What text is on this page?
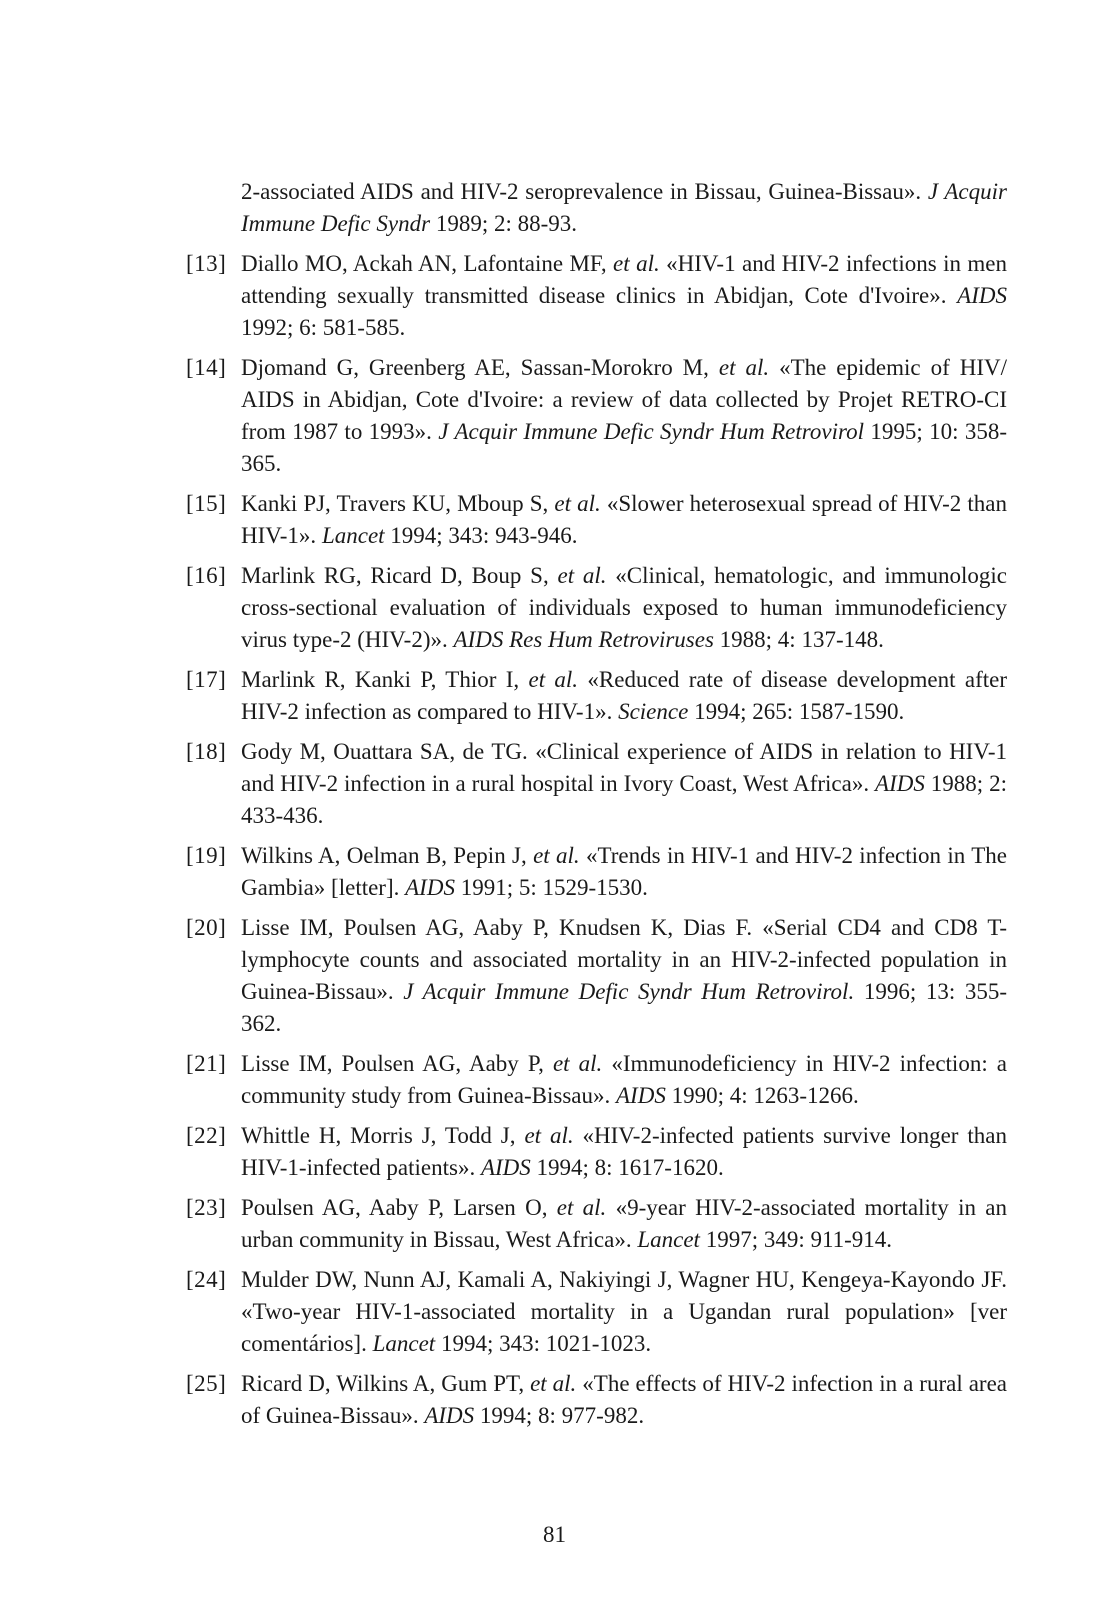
2-associated AIDS and HIV-2 seroprevalence in Bissau, Guinea-Bissau». J Acquir Immune Defic Syndr 1989; 2: 88-93.
[13] Diallo MO, Ackah AN, Lafontaine MF, et al. «HIV-1 and HIV-2 infections in men attending sexually transmitted disease clinics in Abidjan, Cote d'Ivoire». AIDS 1992; 6: 581-585.
[14] Djomand G, Greenberg AE, Sassan-Morokro M, et al. «The epidemic of HIV/ AIDS in Abidjan, Cote d'Ivoire: a review of data collected by Projet RETRO-CI from 1987 to 1993». J Acquir Immune Defic Syndr Hum Retrovirol 1995; 10: 358-365.
[15] Kanki PJ, Travers KU, Mboup S, et al. «Slower heterosexual spread of HIV-2 than HIV-1». Lancet 1994; 343: 943-946.
[16] Marlink RG, Ricard D, Boup S, et al. «Clinical, hematologic, and immunologic cross-sectional evaluation of individuals exposed to human immunodeficiency virus type-2 (HIV-2)». AIDS Res Hum Retroviruses 1988; 4: 137-148.
[17] Marlink R, Kanki P, Thior I, et al. «Reduced rate of disease development after HIV-2 infection as compared to HIV-1». Science 1994; 265: 1587-1590.
[18] Gody M, Ouattara SA, de TG. «Clinical experience of AIDS in relation to HIV-1 and HIV-2 infection in a rural hospital in Ivory Coast, West Africa». AIDS 1988; 2: 433-436.
[19] Wilkins A, Oelman B, Pepin J, et al. «Trends in HIV-1 and HIV-2 infection in The Gambia» [letter]. AIDS 1991; 5: 1529-1530.
[20] Lisse IM, Poulsen AG, Aaby P, Knudsen K, Dias F. «Serial CD4 and CD8 T-lymphocyte counts and associated mortality in an HIV-2-infected population in Guinea-Bissau». J Acquir Immune Defic Syndr Hum Retrovirol. 1996; 13: 355-362.
[21] Lisse IM, Poulsen AG, Aaby P, et al. «Immunodeficiency in HIV-2 infection: a community study from Guinea-Bissau». AIDS 1990; 4: 1263-1266.
[22] Whittle H, Morris J, Todd J, et al. «HIV-2-infected patients survive longer than HIV-1-infected patients». AIDS 1994; 8: 1617-1620.
[23] Poulsen AG, Aaby P, Larsen O, et al. «9-year HIV-2-associated mortality in an urban community in Bissau, West Africa». Lancet 1997; 349: 911-914.
[24] Mulder DW, Nunn AJ, Kamali A, Nakiyingi J, Wagner HU, Kengeya-Kayondo JF. «Two-year HIV-1-associated mortality in a Ugandan rural population» [ver comentários]. Lancet 1994; 343: 1021-1023.
[25] Ricard D, Wilkins A, Gum PT, et al. «The effects of HIV-2 infection in a rural area of Guinea-Bissau». AIDS 1994; 8: 977-982.
81
